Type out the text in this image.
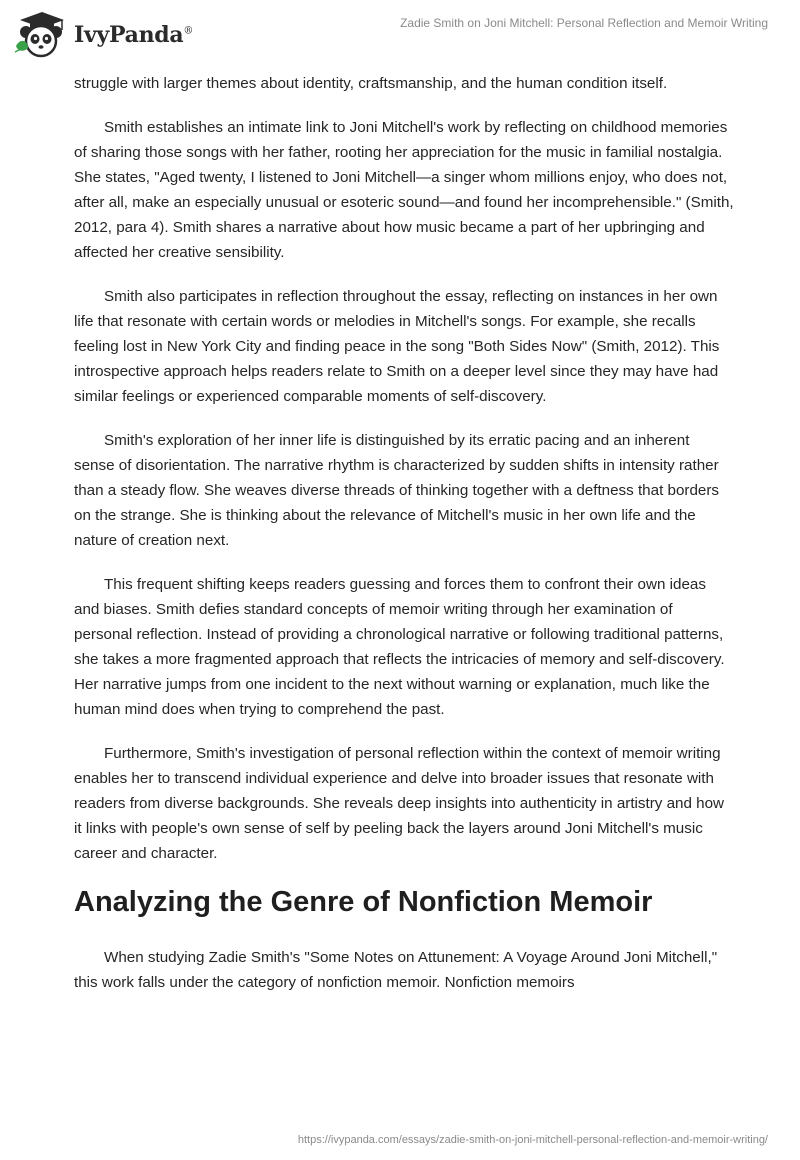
IvyPanda®
Zadie Smith on Joni Mitchell: Personal Reflection and Memoir Writing

struggle with larger themes about identity, craftsmanship, and the human condition itself.

Smith establishes an intimate link to Joni Mitchell's work by reflecting on childhood memories of sharing those songs with her father, rooting her appreciation for the music in familial nostalgia. She states, "Aged twenty, I listened to Joni Mitchell—a singer whom millions enjoy, who does not, after all, make an especially unusual or esoteric sound—and found her incomprehensible." (Smith, 2012, para 4). Smith shares a narrative about how music became a part of her upbringing and affected her creative sensibility.

Smith also participates in reflection throughout the essay, reflecting on instances in her own life that resonate with certain words or melodies in Mitchell's songs. For example, she recalls feeling lost in New York City and finding peace in the song "Both Sides Now" (Smith, 2012). This introspective approach helps readers relate to Smith on a deeper level since they may have had similar feelings or experienced comparable moments of self-discovery.

Smith's exploration of her inner life is distinguished by its erratic pacing and an inherent sense of disorientation. The narrative rhythm is characterized by sudden shifts in intensity rather than a steady flow. She weaves diverse threads of thinking together with a deftness that borders on the strange. She is thinking about the relevance of Mitchell's music in her own life and the nature of creation next.

This frequent shifting keeps readers guessing and forces them to confront their own ideas and biases. Smith defies standard concepts of memoir writing through her examination of personal reflection. Instead of providing a chronological narrative or following traditional patterns, she takes a more fragmented approach that reflects the intricacies of memory and self-discovery. Her narrative jumps from one incident to the next without warning or explanation, much like the human mind does when trying to comprehend the past.

Furthermore, Smith's investigation of personal reflection within the context of memoir writing enables her to transcend individual experience and delve into broader issues that resonate with readers from diverse backgrounds. She reveals deep insights into authenticity in artistry and how it links with people's own sense of self by peeling back the layers around Joni Mitchell's music career and character.

Analyzing the Genre of Nonfiction Memoir

When studying Zadie Smith's "Some Notes on Attunement: A Voyage Around Joni Mitchell," this work falls under the category of nonfiction memoir. Nonfiction memoirs

https://ivypanda.com/essays/zadie-smith-on-joni-mitchell-personal-reflection-and-memoir-writing/
